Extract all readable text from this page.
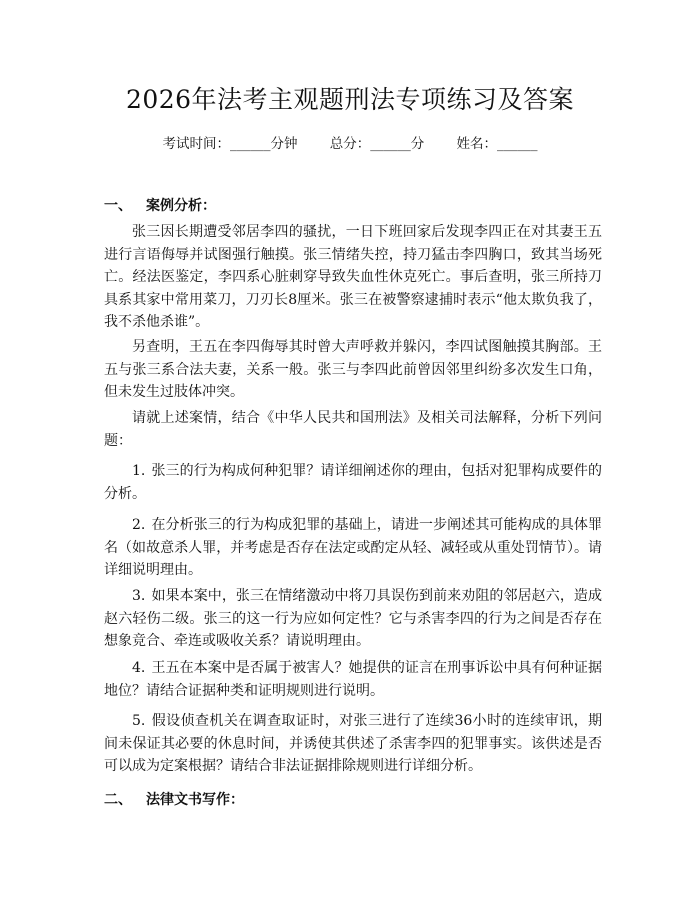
2026年法考主观题刑法专项练习及答案
考试时间：______分钟 总分：______分 姓名：______
一、 案例分析：

张三因长期遭受邻居李四的骚扰，一日下班回家后发现李四正在对其妻王五进行言语侮辱并试图强行触摸。张三情绪失控，持刀猛击李四胸口，致其当场死亡。经法医鉴定，李四系心脏刺穿导致失血性休克死亡。事后查明，张三所持刀具系其家中常用菜刀，刀刃长8厘米。张三在被警察逮捕时表示“他太欺负我了，我不杀他杀谁”。

另查明，王五在李四侮辱其时曾大声呼救并躲闪，李四试图触摸其胸部。王五与张三系合法夫妻，关系一般。张三与李四此前曾因邻里纠纷多次发生口角，但未发生过肢体冲突。

请就上述案情，结合《中华人民共和国刑法》及相关司法解释，分析下列问题：

1. 张三的行为构成何种犯罪？请详细阐述你的理由，包括对犯罪构成要件的分析。

2. 在分析张三的行为构成犯罪的基础上，请进一步阐述其可能构成的具体罪名（如故意杀人罪，并考虑是否存在法定或酌定从轻、减轻或从重处罚情节）。请详细说明理由。

3. 如果本案中，张三在情绪激动中将刀具误伤到前来劝阻的邻居赵六，造成赵六轻伤二级。张三的这一行为应如何定性？它与杀害李四的行为之间是否存在想象竞合、牵连或吸收关系？请说明理由。

4. 王五在本案中是否属于被害人？她提供的证言在刑事诉讼中具有何种证据地位？请结合证据种类和证明规则进行说明。

5. 假设侦查机关在调查取证时，对张三进行了连续36小时的连续审讯，期间未保证其必要的休息时间，并诱使其供述了杀害李四的犯罪事实。该供述是否可以成为定案根据？请结合非法证据排除规则进行详细分析。

二、 法律文书写作：
